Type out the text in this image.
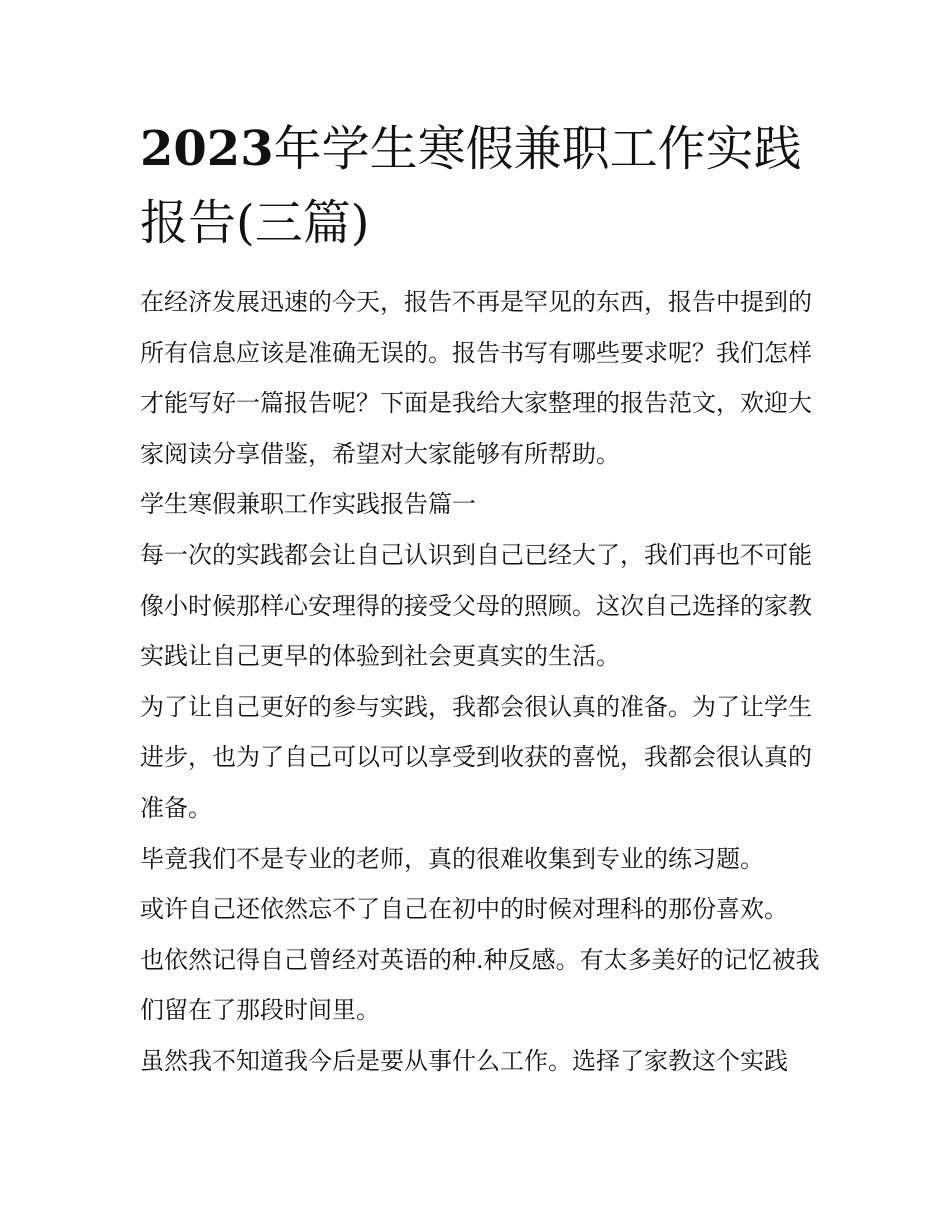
2023年学生寒假兼职工作实践报告(三篇)

在经济发展迅速的今天，报告不再是罕见的东西，报告中提到的所有信息应该是准确无误的。报告书写有哪些要求呢？我们怎样才能写好一篇报告呢？下面是我给大家整理的报告范文，欢迎大家阅读分享借鉴，希望对大家能够有所帮助。

学生寒假兼职工作实践报告篇一

每一次的实践都会让自己认识到自己已经大了，我们再也不可能像小时候那样心安理得的接受父母的照顾。这次自己选择的家教实践让自己更早的体验到社会更真实的生活。

为了让自己更好的参与实践，我都会很认真的准备。为了让学生进步，也为了自己可以可以享受到收获的喜悦，我都会很认真的准备。

毕竟我们不是专业的老师，真的很难收集到专业的练习题。

或许自己还依然忘不了自己在初中的时候对理科的那份喜欢。

也依然记得自己曾经对英语的种.种反感。有太多美好的记忆被我们留在了那段时间里。

虽然我不知道我今后是要从事什么工作。选择了家教这个实践
